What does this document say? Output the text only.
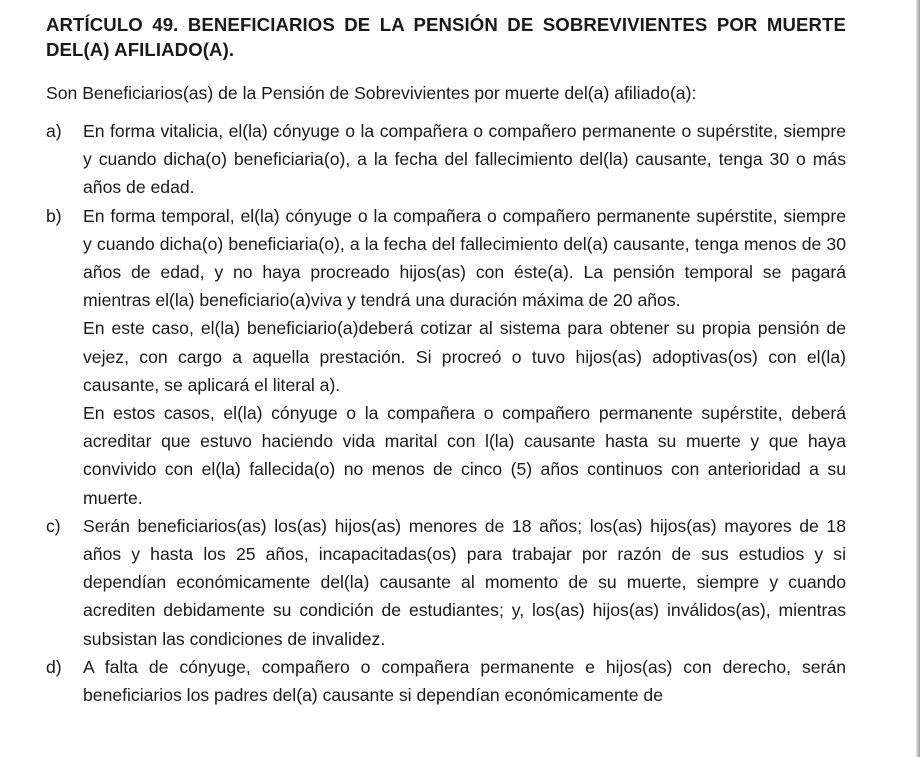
ARTÍCULO 49. BENEFICIARIOS DE LA PENSIÓN DE SOBREVIVIENTES POR MUERTE DEL(A) AFILIADO(A).

Son Beneficiarios(as) de la Pensión de Sobrevivientes por muerte del(a) afiliado(a):

a)	En forma vitalicia, el(la) cónyuge o la compañera o compañero permanente o supérstite, siempre y cuando dicha(o) beneficiaria(o), a la fecha del fallecimiento del(la) causante, tenga 30 o más años de edad.

b)	En forma temporal, el(la) cónyuge o la compañera o compañero permanente supérstite, siempre y cuando dicha(o) beneficiaria(o), a la fecha del fallecimiento del(a) causante, tenga menos de 30 años de edad, y no haya procreado hijos(as) con éste(a). La pensión temporal se pagará mientras el(la) beneficiario(a)viva y tendrá una duración máxima de 20 años.

En este caso, el(la) beneficiario(a)deberá cotizar al sistema para obtener su propia pensión de vejez, con cargo a aquella prestación. Si procreó o tuvo hijos(as) adoptivas(os) con el(la) causante, se aplicará el literal a).

En estos casos, el(la) cónyuge o la compañera o compañero permanente supérstite, deberá acreditar que estuvo haciendo vida marital con l(la) causante hasta su muerte y que haya convivido con el(la) fallecida(o) no menos de cinco (5) años continuos con anterioridad a su muerte.

c)	Serán beneficiarios(as) los(as) hijos(as) menores de 18 años; los(as) hijos(as) mayores de 18 años y hasta los 25 años, incapacitadas(os) para trabajar por razón de sus estudios y si dependían económicamente del(la) causante al momento de su muerte, siempre y cuando acrediten debidamente su condición de estudiantes; y, los(as) hijos(as) inválidos(as), mientras subsistan las condiciones de invalidez.

d)	A falta de cónyuge, compañero o compañera permanente e hijos(as) con derecho, serán beneficiarios los padres del(a) causante si dependían económicamente de
